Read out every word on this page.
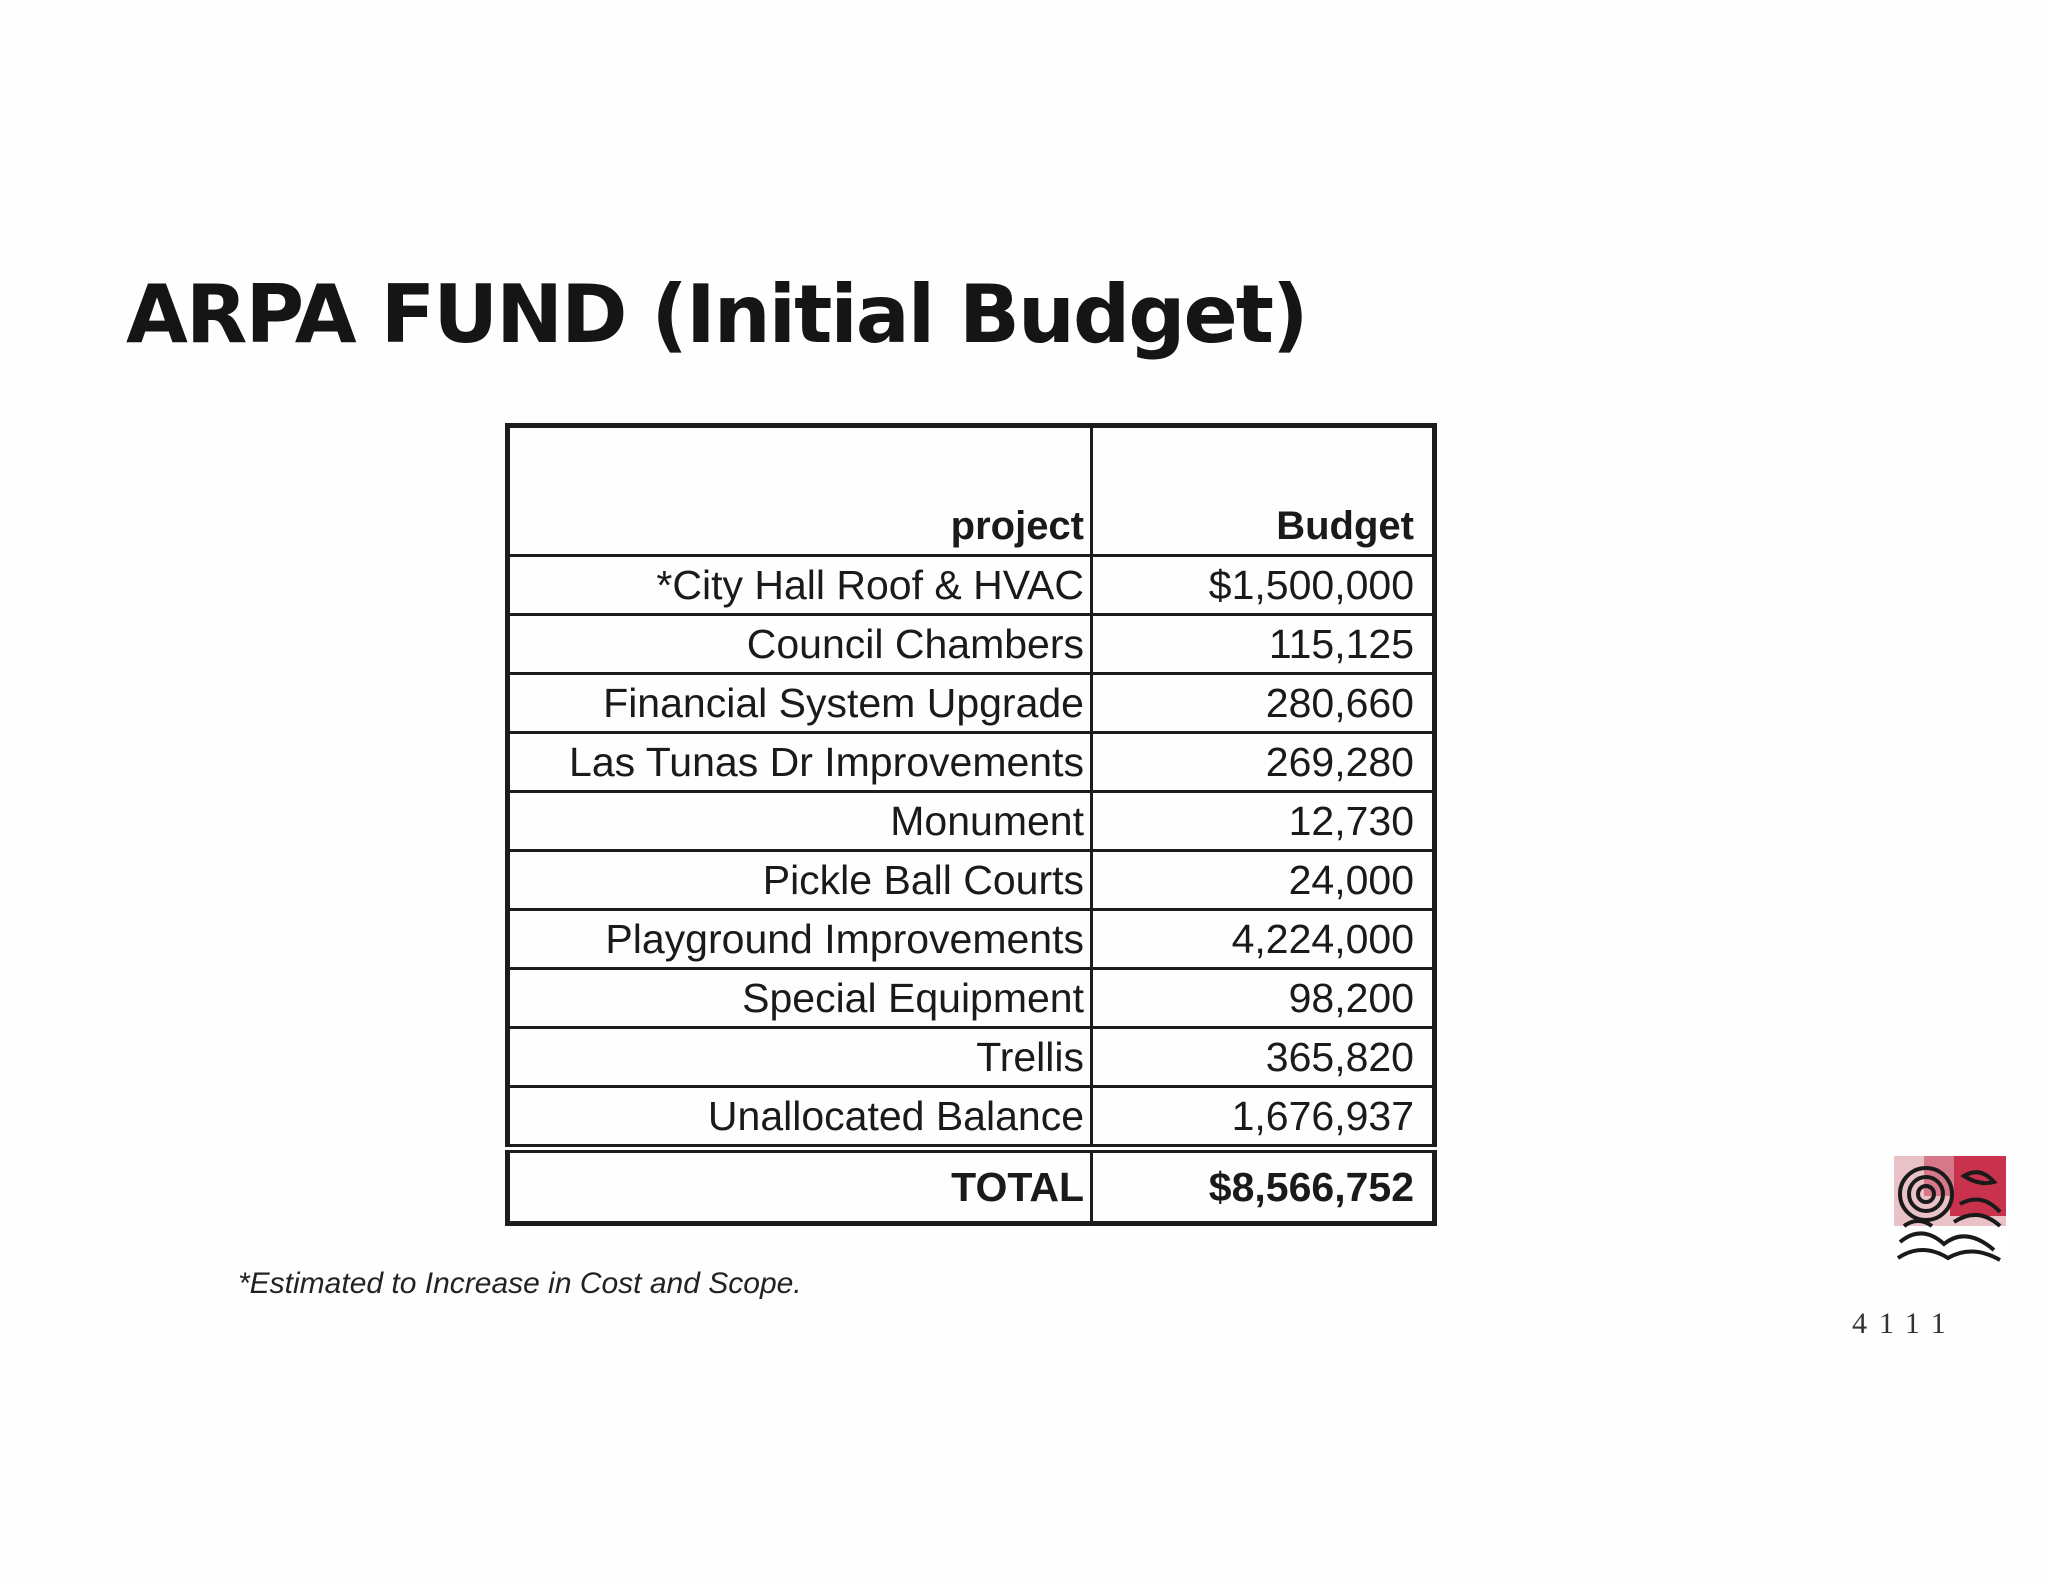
ARPA FUND (Initial Budget)
project	Budget
*City Hall Roof & HVAC	$1,500,000
Council Chambers	115,125
Financial System Upgrade	280,660
Las Tunas Dr Improvements	269,280
Monument	12,730
Pickle Ball Courts	24,000
Playground Improvements	4,224,000
Special Equipment	98,200
Trellis	365,820
Unallocated Balance	1,676,937
TOTAL	$8,566,752
*Estimated to Increase in Cost and Scope.
4111
